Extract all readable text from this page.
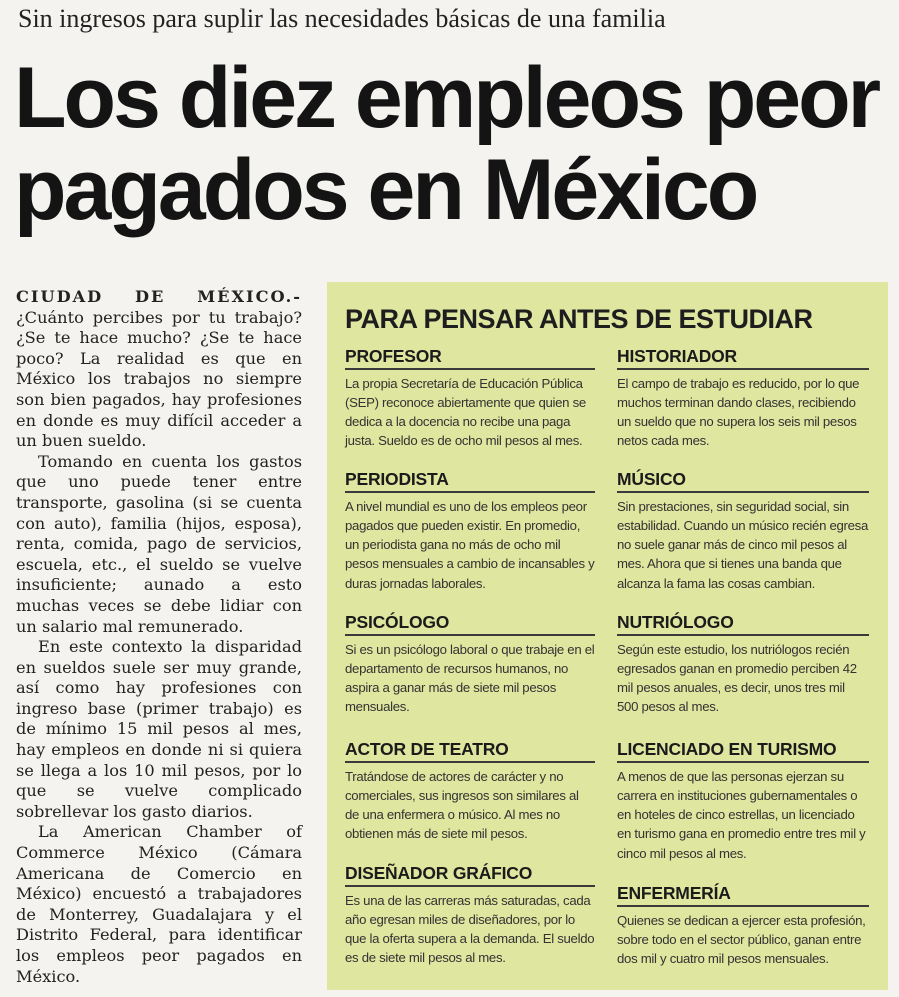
Sin ingresos para suplir las necesidades básicas de una familia
Los diez empleos peor pagados en México

CIUDAD DE MÉXICO.- ¿Cuánto percibes por tu trabajo? ¿Se te hace mucho? ¿Se te hace poco? La realidad es que en México los trabajos no siempre son bien pagados, hay profesiones en donde es muy difícil acceder a un buen sueldo.

Tomando en cuenta los gastos que uno puede tener entre transporte, gasolina (si se cuenta con auto), familia (hijos, esposa), renta, comida, pago de servicios, escuela, etc., el sueldo se vuelve insuficiente; aunado a esto muchas veces se debe lidiar con un salario mal remunerado.

En este contexto la disparidad en sueldos suele ser muy grande, así como hay profesiones con ingreso base (primer trabajo) es de mínimo 15 mil pesos al mes, hay empleos en donde ni si quiera se llega a los 10 mil pesos, por lo que se vuelve complicado sobrellevar los gasto diarios.

La American Chamber of Commerce México (Cámara Americana de Comercio en México) encuestó a trabajadores de Monterrey, Guadalajara y el Distrito Federal, para identificar los empleos peor pagados en México.

PARA PENSAR ANTES DE ESTUDIAR
PROFESOR

La propia Secretaría de Educación Pública (SEP) reconoce abiertamente que quien se dedica a la docencia no recibe una paga justa. Sueldo es de ocho mil pesos al mes.

PERIODISTA

A nivel mundial es uno de los empleos peor pagados que pueden existir. En promedio, un periodista gana no más de ocho mil pesos mensuales a cambio de incansables y duras jornadas laborales.

PSICÓLOGO

Si es un psicólogo laboral o que trabaje en el departamento de recursos humanos, no aspira a ganar más de siete mil pesos mensuales.

ACTOR DE TEATRO

Tratándose de actores de carácter y no comerciales, sus ingresos son similares al de una enfermera o músico. Al mes no obtienen más de siete mil pesos.

DISEÑADOR GRÁFICO

Es una de las carreras más saturadas, cada año egresan miles de diseñadores, por lo que la oferta supera a la demanda. El sueldo es de siete mil pesos al mes.

HISTORIADOR

El campo de trabajo es reducido, por lo que muchos terminan dando clases, recibiendo un sueldo que no supera los seis mil pesos netos cada mes.

MÚSICO

Sin prestaciones, sin seguridad social, sin estabilidad. Cuando un músico recién egresa no suele ganar más de cinco mil pesos al mes. Ahora que si tienes una banda que alcanza la fama las cosas cambian.

NUTRIÓLOGO

Según este estudio, los nutriólogos recién egresados ganan en promedio perciben 42 mil pesos anuales, es decir, unos tres mil 500 pesos al mes.

LICENCIADO EN TURISMO

A menos de que las personas ejerzan su carrera en instituciones gubernamentales o en hoteles de cinco estrellas, un licenciado en turismo gana en promedio entre tres mil y cinco mil pesos al mes.

ENFERMERÍA

Quienes se dedican a ejercer esta profesión, sobre todo en el sector público, ganan entre dos mil y cuatro mil pesos mensuales.
